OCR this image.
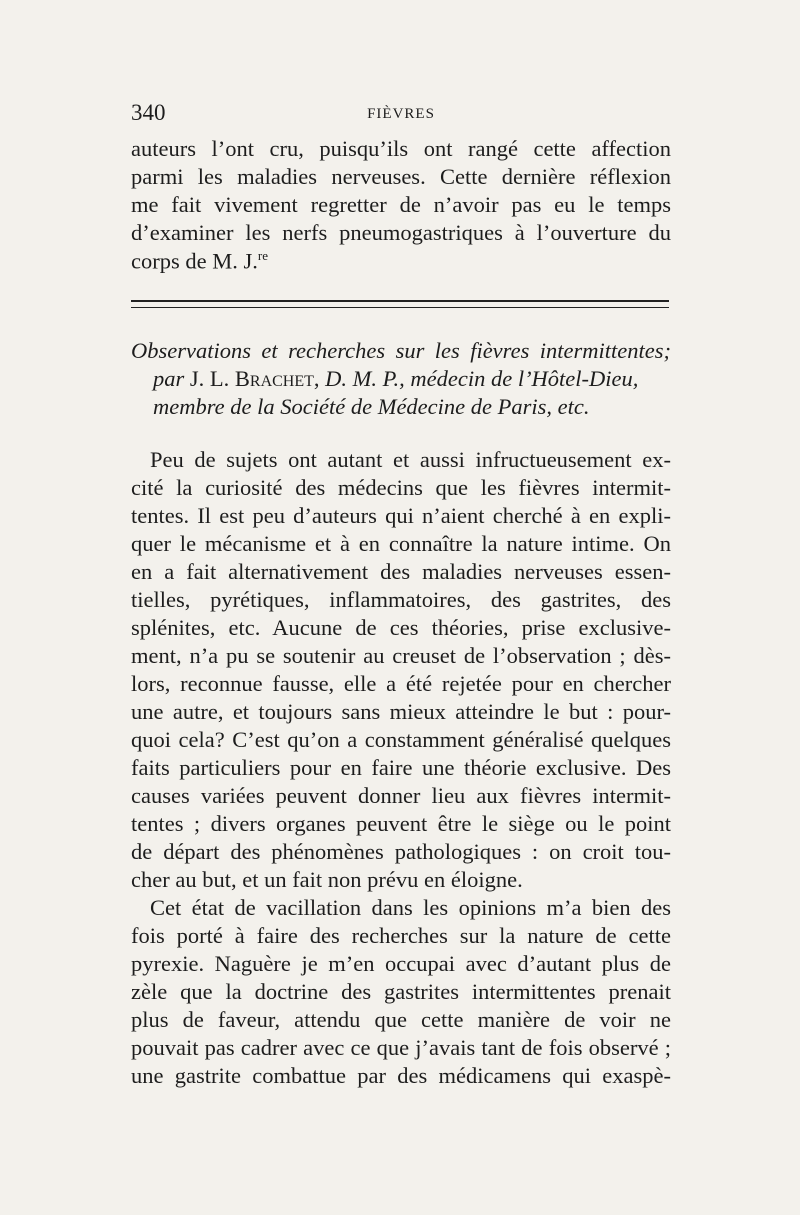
340	FIÈVRES
auteurs l’ont cru, puisqu’ils ont rangé cette affection
parmi les maladies nerveuses. Cette dernière réflexion
me fait vivement regretter de n’avoir pas eu le temps
d’examiner les nerfs pneumogastriques à l’ouverture du
corps de M. J.$^{re}$
Observations et recherches sur les fièvres intermittentes;
par J. L. Brachet, D. M. P., médecin de l’Hôtel-Dieu,
membre de la Société de Médecine de Paris, etc.
Peu de sujets ont autant et aussi infructueusement ex-
cité la curiosité des médecins que les fièvres intermit-
tentes. Il est peu d’auteurs qui n’aient cherché à en expli-
quer le mécanisme et à en connaître la nature intime. On
en a fait alternativement des maladies nerveuses essen-
tielles, pyrétiques, inflammatoires, des gastrites, des
splénites, etc. Aucune de ces théories, prise exclusive-
ment, n’a pu se soutenir au creuset de l’observation ; dès-
lors, reconnue fausse, elle a été rejetée pour en chercher
une autre, et toujours sans mieux atteindre le but : pour-
quoi cela? C’est qu’on a constamment généralisé quelques
faits particuliers pour en faire une théorie exclusive. Des
causes variées peuvent donner lieu aux fièvres intermit-
tentes ; divers organes peuvent être le siège ou le point
de départ des phénomènes pathologiques : on croit tou-
cher au but, et un fait non prévu en éloigne.
Cet état de vacillation dans les opinions m’a bien des
fois porté à faire des recherches sur la nature de cette
pyrexie. Naguère je m’en occupai avec d’autant plus de
zèle que la doctrine des gastrites intermittentes prenait
plus de faveur, attendu que cette manière de voir ne
pouvait pas cadrer avec ce que j’avais tant de fois observé ;
une gastrite combattue par des médicamens qui exaspè-
